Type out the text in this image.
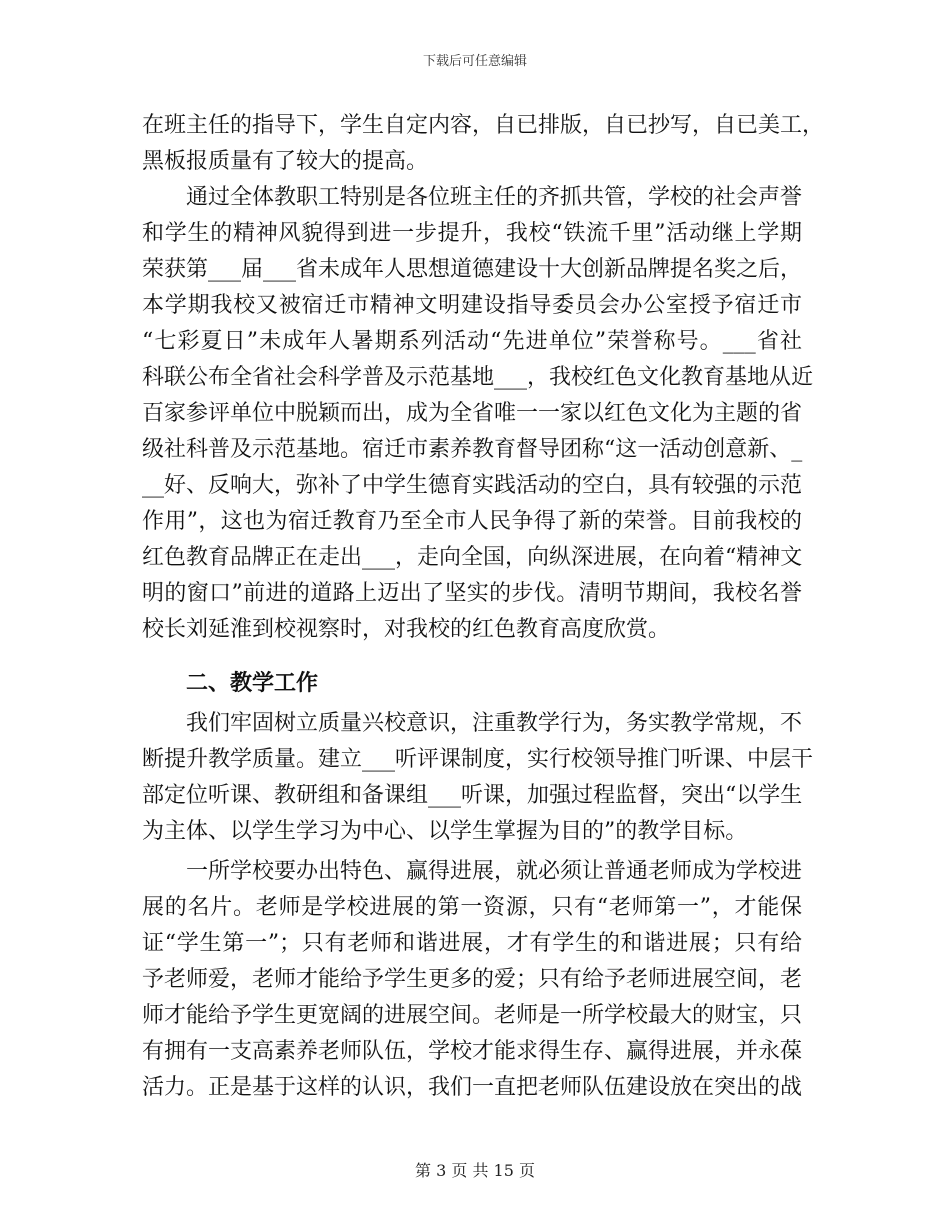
下载后可任意编辑
在班主任的指导下，学生自定内容，自已排版，自已抄写，自已美工，
黑板报质量有了较大的提高。
通过全体教职工特别是各位班主任的齐抓共管，学校的社会声誉
和学生的精神风貌得到进一步提升，我校“铁流千里”活动继上学期
荣获第___届___省未成年人思想道德建设十大创新品牌提名奖之后，
本学期我校又被宿迁市精神文明建设指导委员会办公室授予宿迁市
“七彩夏日”未成年人暑期系列活动“先进单位”荣誉称号。___省社
科联公布全省社会科学普及示范基地___，我校红色文化教育基地从近
百家参评单位中脱颖而出，成为全省唯一一家以红色文化为主题的省
级社科普及示范基地。宿迁市素养教育督导团称“这一活动创意新、_
__好、反响大，弥补了中学生德育实践活动的空白，具有较强的示范
作用”，这也为宿迁教育乃至全市人民争得了新的荣誉。目前我校的
红色教育品牌正在走出___，走向全国，向纵深进展，在向着“精神文
明的窗口”前进的道路上迈出了坚实的步伐。清明节期间，我校名誉
校长刘延淮到校视察时，对我校的红色教育高度欣赏。
二、教学工作
我们牢固树立质量兴校意识，注重教学行为，务实教学常规，不
断提升教学质量。建立___听评课制度，实行校领导推门听课、中层干
部定位听课、教研组和备课组___听课，加强过程监督，突出“以学生
为主体、以学生学习为中心、以学生掌握为目的”的教学目标。
一所学校要办出特色、赢得进展，就必须让普通老师成为学校进
展的名片。老师是学校进展的第一资源，只有“老师第一”，才能保
证“学生第一”；只有老师和谐进展，才有学生的和谐进展；只有给
予老师爱，老师才能给予学生更多的爱；只有给予老师进展空间，老
师才能给予学生更宽阔的进展空间。老师是一所学校最大的财宝，只
有拥有一支高素养老师队伍，学校才能求得生存、赢得进展，并永葆
活力。正是基于这样的认识，我们一直把老师队伍建设放在突出的战
第 3 页 共 15 页
